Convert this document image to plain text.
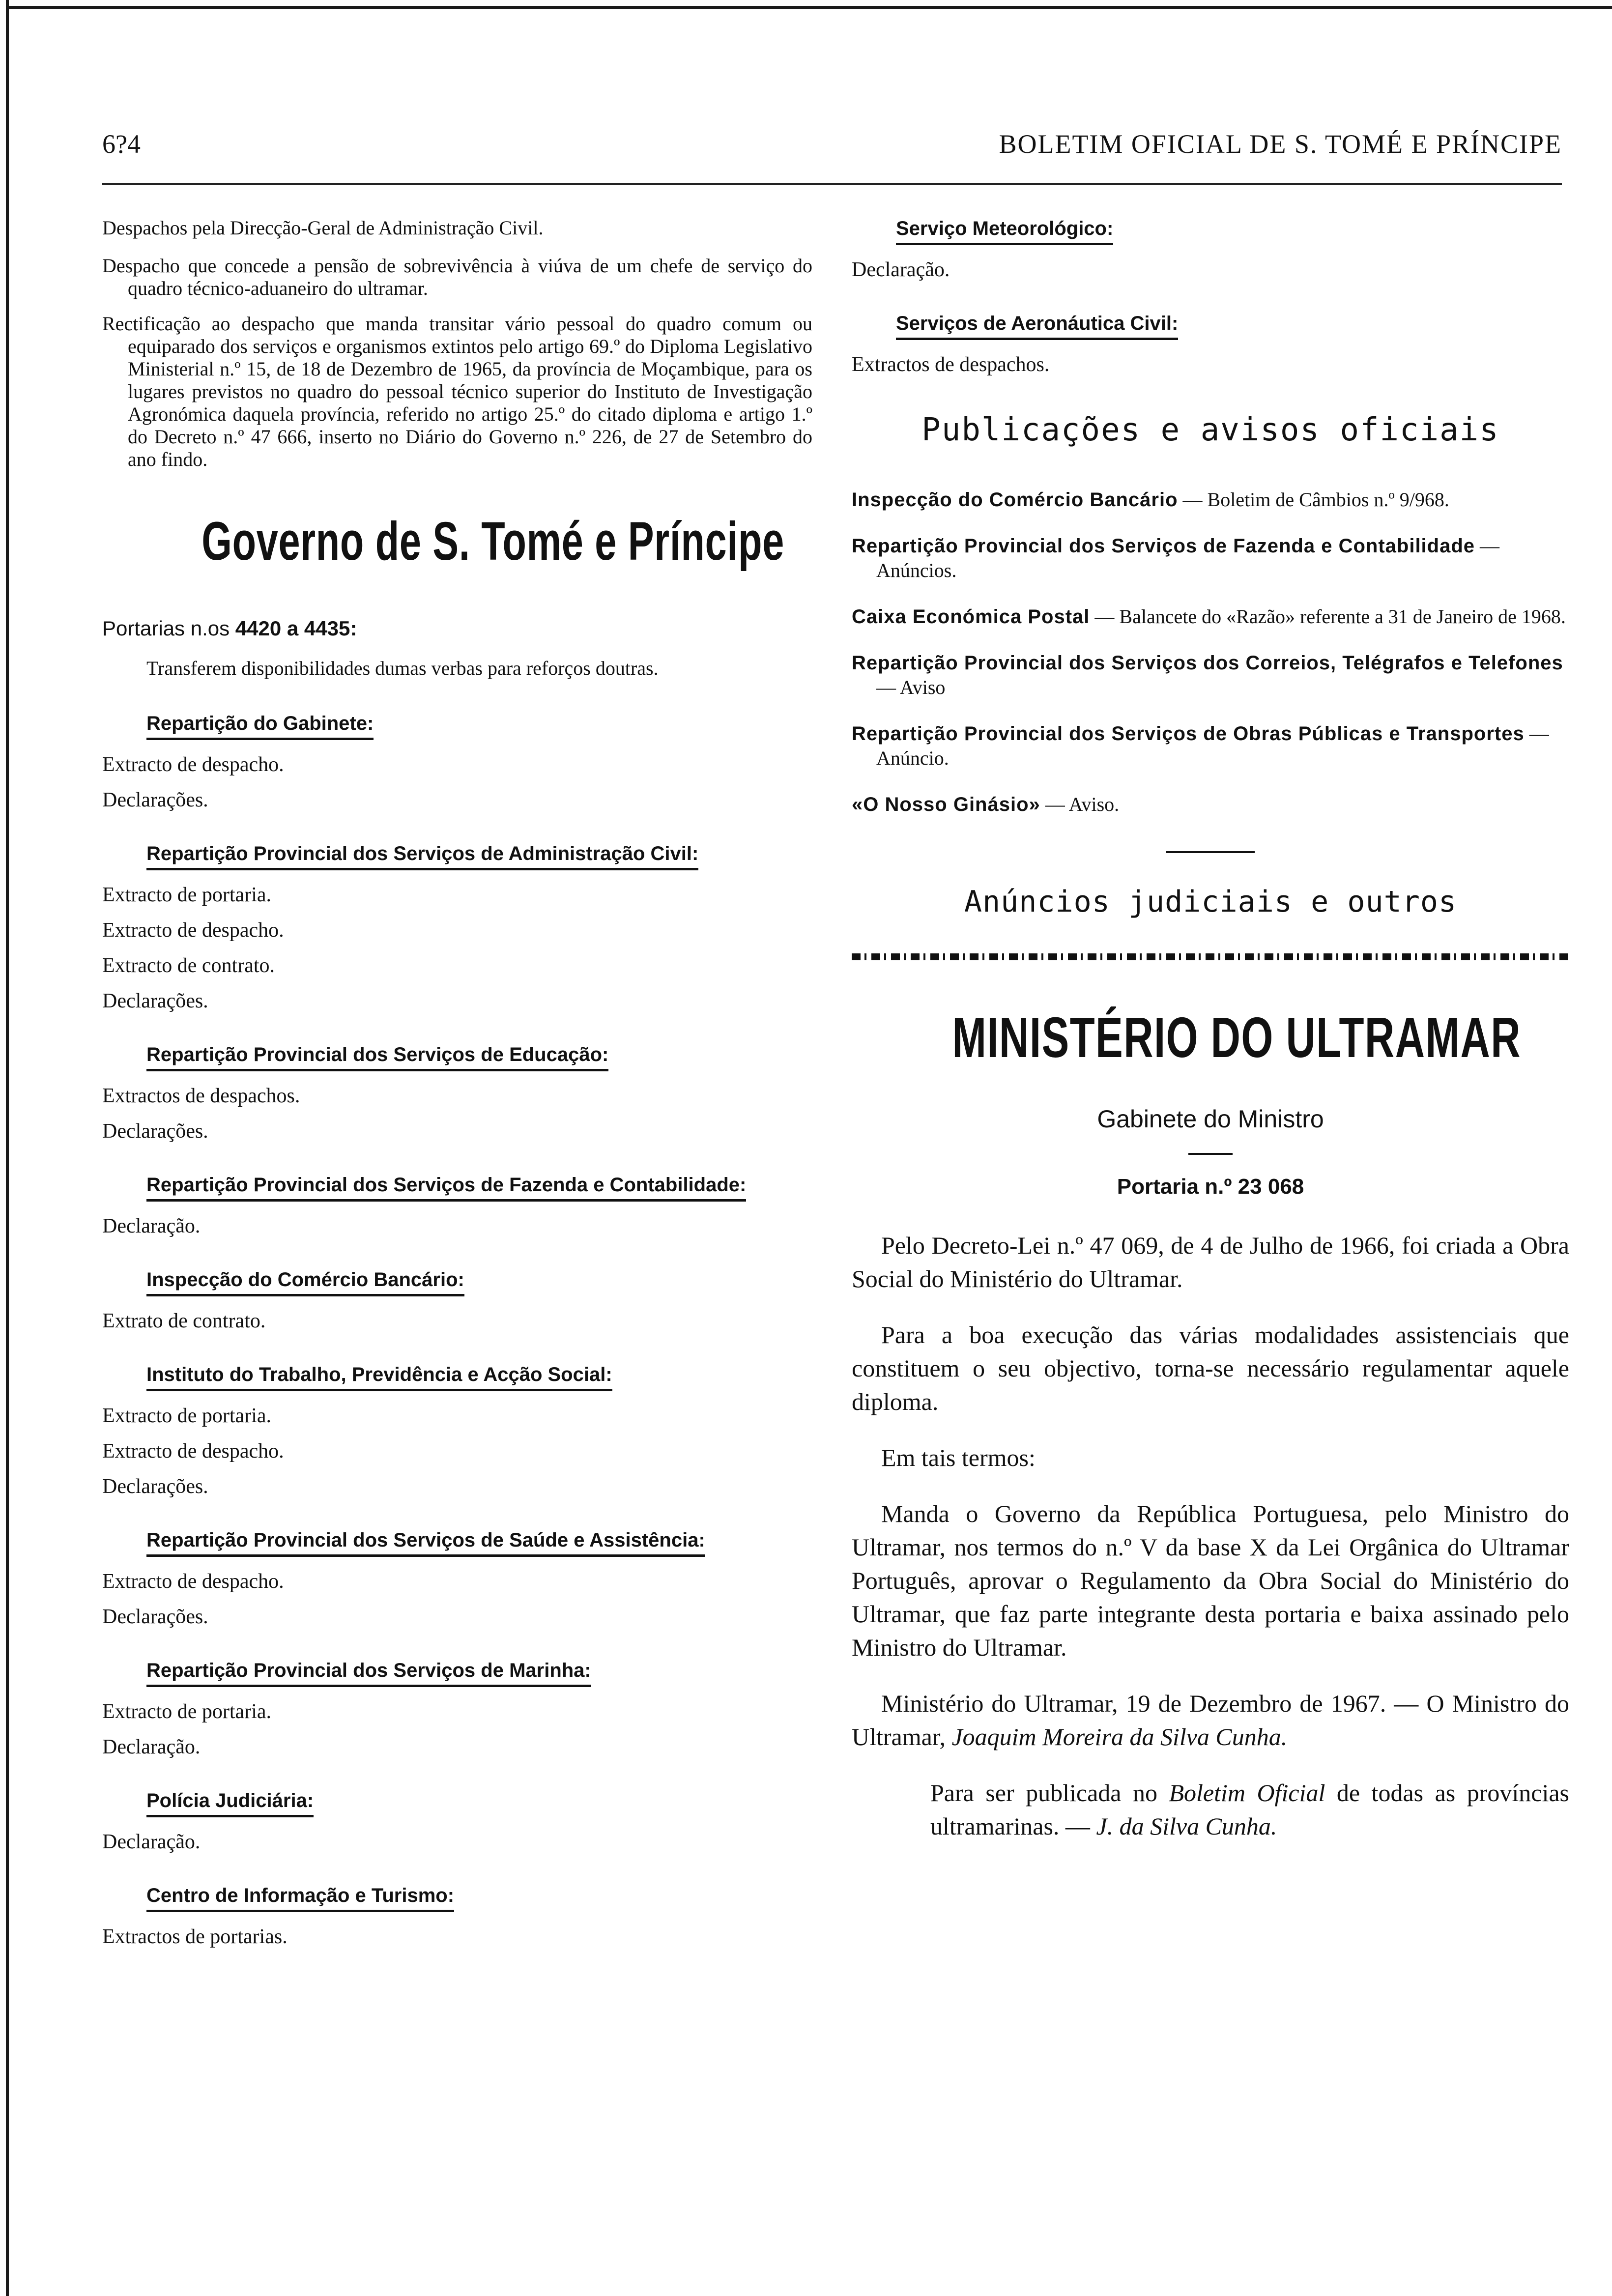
6?4	BOLETIM OFICIAL DE S. TOMÉ E PRÍNCIPE

Despachos pela Direcção-Geral de Administração Civil.

Despacho que concede a pensão de sobrevivência à viúva de um chefe de serviço do quadro técnico-aduaneiro do ultramar.

Rectificação ao despacho que manda transitar vário pessoal do quadro comum ou equiparado dos serviços e organismos extintos pelo artigo 69.º do Diploma Legislativo Ministerial n.º 15, de 18 de Dezembro de 1965, da província de Moçambique, para os lugares previstos no quadro do pessoal técnico superior do Instituto de Investigação Agronómica daquela província, referido no artigo 25.º do citado diploma e artigo 1.º do Decreto n.º 47 666, inserto no Diário do Governo n.º 226, de 27 de Setembro do ano findo.

Governo de S. Tomé e Príncipe
Portarias n.os 4420 a 4435:

Transferem disponibilidades dumas verbas para reforços doutras.

Repartição do Gabinete:
Extracto de despacho.
Declarações.
Repartição Provincial dos Serviços de Administração Civil:
Extracto de portaria.
Extracto de despacho.
Extracto de contrato.
Declarações.
Repartição Provincial dos Serviços de Educação:
Extractos de despachos.
Declarações.
Repartição Provincial dos Serviços de Fazenda e Contabilidade:
Declaração.
Inspecção do Comércio Bancário:
Extrato de contrato.
Instituto do Trabalho, Previdência e Acção Social:
Extracto de portaria.
Extracto de despacho.
Declarações.
Repartição Provincial dos Serviços de Saúde e Assistência:
Extracto de despacho.
Declarações.
Repartição Provincial dos Serviços de Marinha:
Extracto de portaria.
Declaração.
Polícia Judiciária:
Declaração.
Centro de Informação e Turismo:
Extractos de portarias.
Serviço Meteorológico:
Declaração.
Serviços de Aeronáutica Civil:
Extractos de despachos.
Publicações e avisos oficiais
Inspecção do Comércio Bancário — Boletim de Câmbios n.º 9/968.
Repartição Provincial dos Serviços de Fazenda e Contabilidade — Anúncios.
Caixa Económica Postal — Balancete do «Razão» referente a 31 de Janeiro de 1968.
Repartição Provincial dos Serviços dos Correios, Telégrafos e Telefones — Aviso
Repartição Provincial dos Serviços de Obras Públicas e Transportes — Anúncio.
«O Nosso Ginásio» — Aviso.
Anúncios judiciais e outros
MINISTÉRIO DO ULTRAMAR
Gabinete do Ministro
Portaria n.º 23 068

Pelo Decreto-Lei n.º 47 069, de 4 de Julho de 1966, foi criada a Obra Social do Ministério do Ultramar.

Para a boa execução das várias modalidades assistenciais que constituem o seu objectivo, torna-se necessário regulamentar aquele diploma.

Em tais termos:

Manda o Governo da República Portuguesa, pelo Ministro do Ultramar, nos termos do n.º V da base X da Lei Orgânica do Ultramar Português, aprovar o Regulamento da Obra Social do Ministério do Ultramar, que faz parte integrante desta portaria e baixa assinado pelo Ministro do Ultramar.

Ministério do Ultramar, 19 de Dezembro de 1967. — O Ministro do Ultramar, Joaquim Moreira da Silva Cunha.

Para ser publicada no Boletim Oficial de todas as províncias ultramarinas. — J. da Silva Cunha.
